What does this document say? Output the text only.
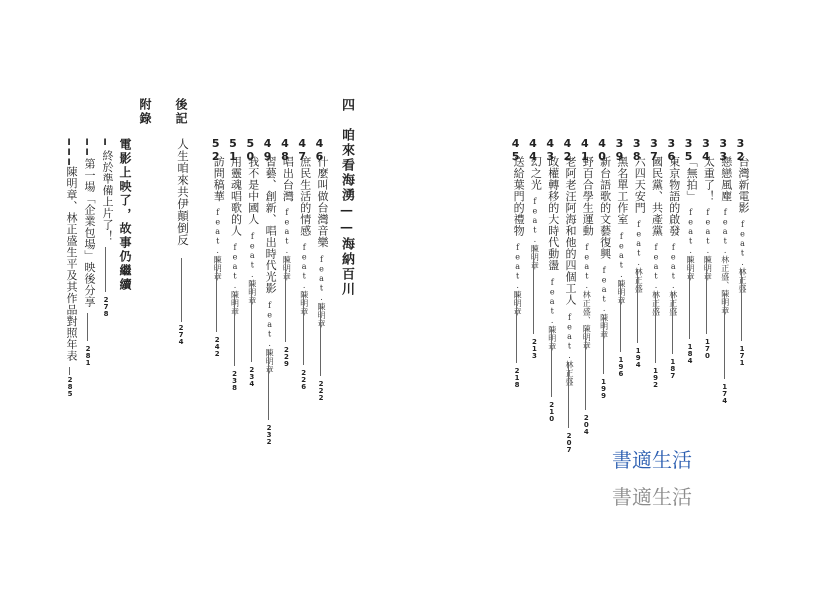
32
台灣新電影
feat.林正盛
171
33
戀戀風塵
feat.林正盛、陳明章
174
34
太重了！
feat.陳明章
170
35
「無拍」
feat.陳明章
184
36
東京物語的啟發
feat.林正盛
187
37
國民黨、共產黨
feat.林正盛
192
38
六四天安門
feat.林正盛
194
39
黑名單工作室
feat.陳明章
196
40
新台語歌的文藝復興
feat.陳明章
199
41
野百合學生運動
feat.林正盛、陳明章
204
42
老阿老汪阿海和他的四個工人
feat.林正盛
207
43
政權轉移的大時代動盪
feat.陳明章
210
44
幻之光
feat.陳明章
213
45
送給葉門的禮物
feat.陳明章
218
四
咱來看海湧——海納百川
46
什麼叫做台灣音樂
feat.陳明章
222
47
庶民生活的情感
feat.陳明章
226
48
唱出台灣
feat.陳明章
229
49
習藝、創新、唱出時代光影
feat.陳明章
232
50
我不是中國人
feat.陳明章
234
51
用靈魂唱歌的人
feat.陳明章
238
52
訪問稿華
feat.陳明章
242
後記
人生咱來共伊顛倒反
274
附錄
電影上映了，故事仍繼續
I
終於準備上片了！
278
II
第一場「企業包場」映後分享
281
III
陳明章、林正盛生平及其作品對照年表
285
書適生活
書適生活
